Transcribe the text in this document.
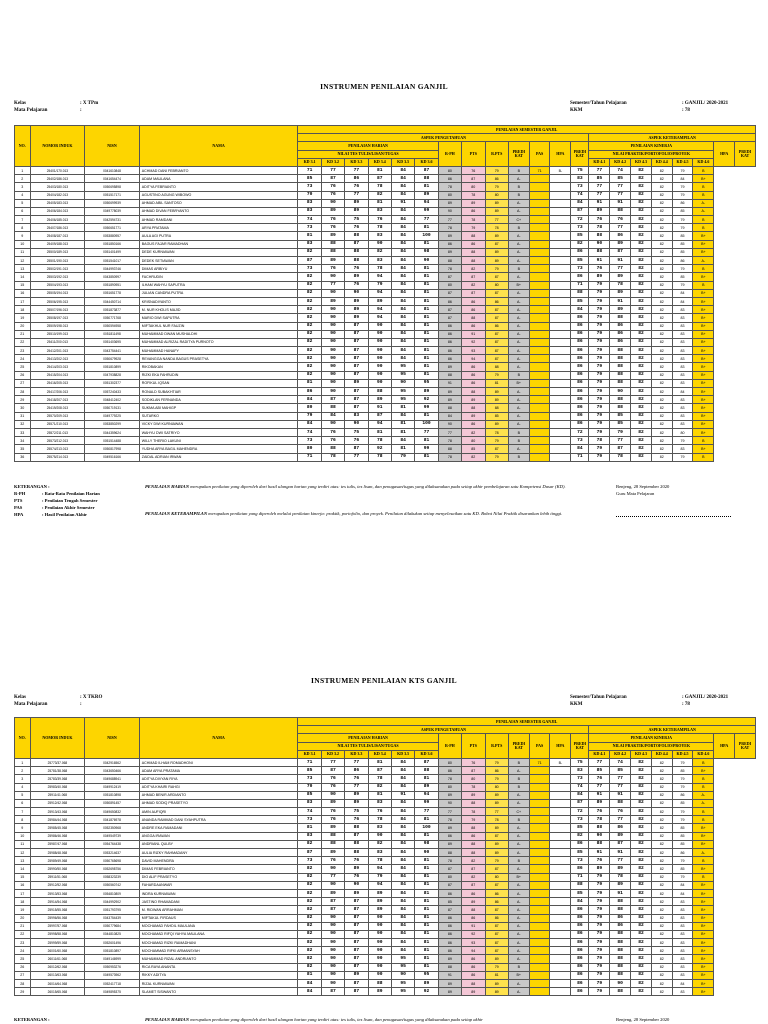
INSTRUMEN PENILAIAN GANJIL
Kelas	: X TPm
Mata Pelajaran	:
Semester/Tahun Pelajaran	: GANJIL/ 2020-2021
KKM	: 78
NO.	NOMOR INDUK	NISN	NAMA	PENILAIAN SEMESTER GANJIL																				
				ASPEK PENGETAHUAN													ASPEK KETERAMPILAN							
				PENILAIAN HARIAN						R-PH	PTS	R.PTS	PREDI KAT	PAS	HPA	PREDI KAT	PENILAIAN KINERJA						HPA	PREDI KAT
				NILAI TES TULIS/LISAN/TUGAS													NILAI PRAKTIK/PORTOFOLIO/PROYEK							
				KD 3.1	KD 3.2	KD 3.3	KD 3.4	KD 3.5	KD 3.6								KD 4.1	KD 4.2	KD 4.3	KD 4.4	KD 4.5	KD 4.6		
1	25401/170.013	0041610848	ACHMAD DANI FEBRIANTO	71	77	77	81	84	87	80	76	79	B	71	B-	75	77	74	82	82	79	B		
2	25402/186.013	0041654474	ADAM MAULANA	85	87	86	87	84	88	86	87	86	A-			83	85	85	82	82	84	B+		
3	25403/180.013	0050695898	ADITYA FEBRIANTO	73	76	76	78	84	81	78	80	79	B			73	77	77	82	82	79	B		
4	25404/182.013	0051517171	AGUSTINO AGUNG WIBOWO	70	76	77	82	84	89	80	78	80	B			74	77	77	82	82	79	B		
5	25405/183.013	0050699939	AHMAD ABIL SANTOSO	83	90	89	81	91	94	89	89	89	A-			84	91	91	82	82	86	A-		
6	25406/184.013	0049778039	AHMAD DIVAN FEBRYANTO	83	89	89	83	84	99	90	86	89	A-			87	89	88	82	82	85	A-		
7	25406/185.013	0042594731	AHMAD RAMDANI	74	76	75	76	84	77	77	78	77	C+			72	76	76	82	82	79	B		
8	25407/186.013	0050651771	ARYA PRATAMA	73	76	76	78	84	81	78	79	78	B			73	78	77	82	82	79	B		
9	25408/187.013	0053880957	AULA AGI PUTRA	81	89	88	83	84	100	89	88	89	A-			85	88	86	82	82	85	B+		
10	25409/188.013	0051850166	BAGUS FAJAR RAMADHAN	83	88	87	90	84	81	86	86	87	A-			82	90	89	82	82	85	B+		
11	25500/189.013	0051401499	DEDE KURNIAWAN	82	88	88	82	84	98	89	88	89	A-			86	88	87	82	82	85	B+		
12	25501/190.013	0051541017	DEDEK SETIAWAN	87	89	88	83	84	90	88	88	89	A-			85	91	91	82	82	86	A-		
13	25502/191.013	0044993746	DIMAS ARBIYU	73	76	76	78	84	81	78	82	79	B			73	76	77	82	82	79	B		
14	25503/192.013	0043850997	FACHRUDIN	82	90	89	94	84	81	87	87	87	A-			86	89	89	82	82	85	B+		
15	25504/193.013	0051890951	ILHAM WAHYU SAPUTRA	82	77	76	79	84	81	80	82	80	B+			71	79	78	82	82	79	B		
16	25505/194.013	0051651778	JULIAN CANDRA PUTRA	82	90	90	94	84	81	87	87	87	A-			88	79	89	82	82	84	B+		
17	25506/195.013	0044450714	KRISNADIYANTO	82	89	89	89	84	81	86	86	86	A-			85	79	91	82	82	84	B+		
18	25507/196.013	0051873877	M. NUR KHOLIS MAJID	82	90	89	94	84	81	87	86	87	A-			84	79	89	82	82	83	B+		
19	25508/197.013	0050771768	MARIO DWI SAPUTRA	82	90	89	94	84	81	87	88	87	A-			86	79	88	82	82	83	B+		
20	25509/198.013	0050594958	MIFTAKHUL NUR FAUZIN	82	90	87	90	84	81	86	86	86	A-			86	79	86	82	82	83	B+		
21	25510/199.013	0051811498	MUHAMMAD DWAN MUSHALDHI	82	90	87	90	84	81	86	91	87	A-			86	79	86	82	82	83	B+		
22	25411/200.013	0051403695	MUHAMMAD ALRIZAL RADITYA PURNOTO	82	90	87	90	84	81	86	92	87	A-			86	79	86	82	82	83	B+		
23	25412/201.013	0043754441	MUHAMMAD HANAFY	82	90	87	90	84	81	86	93	87	A-			86	79	88	82	82	83	B+		
24	25413/202.013	0050679928	REVANGGA NANDA BAGUS PRASETYA	82	90	87	90	84	81	86	94	87	A-			86	79	88	82	82	83	B+		
25	25414/203.013	0051810899	RIKOBAKAN	82	90	87	90	95	81	89	86	88	A-			86	79	88	82	82	83	B+		
26	25415/204.013	0047938828	RIZKI EKA FAHRUDIN	82	90	87	90	95	81	88	86	79	B			86	79	88	82	82	83	B+		
27	25416/205.013	0051302377	ROFIKUL IQSAN	81	90	89	90	90	95	91	86	81	B+			86	79	88	82	82	83	B+		
28	25417/206.013	0057240433	RONALD SUBAKHTIAR	86	90	87	88	95	89	89	88	89	A-			86	79	90	82	82	84	B+		
29	25418/207.013	0048412402	SODIKLAN FERNANDA	84	87	87	89	95	92	89	89	89	A-			86	79	88	82	82	83	B+		
30	25419/208.013	0050719131	SUKMA ABI MAHIGP	80	88	87	91	81	99	88	88	88	A-			86	79	88	82	82	83	B+		
31	25570/209.013	0049779225	SUTARKO	79	84	83	87	84	81	84	89	85	A-			86	79	85	82	82	83	B+		
32	25571/210.013	0053850299	VICKY DWI KURNIAWAN	84	90	90	94	81	100	90	86	89	A-			86	79	85	82	82	83	B+		
33	25572/211.013	0044359624	WAHYU DWI SATRIYO	74	76	75	81	81	77	77	82	78	B			72	79	79	82	82	80	B+		
34	25573/212.013	0051514488	WILLY THERIO LAKUNI	73	76	76	78	84	81	78	80	79	B			73	78	77	82	82	79	B		
35	25574/213.013	0050817998	YUDHA ARYA BAGIL MAHENDRA	80	88	87	92	81	99	88	85	87	A-			84	79	87	82	82	83	B+		
36	25575/214.013	0049516166	ZAIDAL ADRIAN IRWAN	71	78	77	78	79	81	78	82	79	B			71	79	78	82	82	79	B		
KETERANGAN :
R-PH	: Rata-Rata Penilaian Harian
PTS	: Penilaian Tengah Semester
PAS	: Penilaian Akhir Semester
HPA	: Hasil Penilaian Akhir
PENILAIAN HARIAN merupakan penilaian yang diperoleh dari hasil ulangan harian yang terdiri atas: tes tulis, tes lisan, dan penugasan/tugas yang dilaksanakan pada setiap akhir pembelajaran satu Kompetensi Dasar (KD).
PENILAIAN KETERAMPILAN merupakan penilaian yang diperoleh melalui penilaian kinerja: praktik, portofolio, dan proyek. Penilaian dilakukan setiap menyelesaikan satu KD. Bobot Nilai Praktik disarankan lebih tinggi.
Benjeng, 28 September 2020
Guru Mata Pelajaran
INSTRUMEN PENILAIAN KTS GANJIL
Kelas	: X TKRO
Mata Pelajaran	:
Semester/Tahun Pelajaran	: GANJIL/ 2020-2021
KKM	: 78
NO.	NOMOR INDUK	NISN	NAMA	PENILAIAN SEMESTER GANJIL																				
				ASPEK PENGETAHUAN													ASPEK KETERAMPILAN							
				PENILAIAN HARIAN						R-PH	PTS	R.PTS	PREDI KAT	PAS	HPA	PREDI KAT	PENILAIAN KINERJA						HPA	PREDI KAT
				NILAI TES TULIS/LISAN/TUGAS													NILAI PRAKTIK/PORTOFOLIO/PROYEK							
				KD 3.1	KD 3.2	KD 3.3	KD 3.4	KD 3.5	KD 3.6								KD 4.1	KD 4.2	KD 4.3	KD 4.4	KD 4.5	KD 4.6		
1	25773/37.068	0042916562	ACHMAD ILHAM ROMADHONI	71	77	77	81	84	87	80	76	79	B	71	B-	75	77	74	82	82	79	B		
2	25781/38.068	0043650466	ADAM ARYA PRATAMA	85	87	86	87	84	88	86	87	86	A-			83	85	85	82	82	85	B+		
3	25783/39.068	0049688941	ADITYA DIVYAN RIYA	73	76	76	78	84	81	78	80	79	B			73	76	77	82	82	79	B		
4	25983/40.068	0049912419	ADITYA KHAIRI RAHGI	70	76	77	82	84	89	80	78	80	B			74	77	77	82	82	79	B		
5	25911/41.068	0051810898	AHMAD BENIR ARDIANTO	85	90	89	81	91	94	89	89	89	A-			84	91	91	82	82	86	A-		
6	25912/42.068	0050891457	AHMAD SODIQ PRASETYO	83	89	89	83	84	99	90	88	89	A-			87	89	88	82	82	85	A-		
7	25913/43.068	0049650832	AMIN AUFIQRI	74	76	75	76	84	77	77	78	77	C+			72	76	76	82	82	79	B		
8	25984/44.068	0041876978	ANANDA RAMMAD DANI SYAHPUTRA	73	76	76	78	84	81	78	79	78	B			73	78	77	82	82	79	B		
9	25985/45.068	0052350968	ANDRE EKA RAMADANI	81	89	88	83	84	100	89	88	89	A-			85	88	86	82	82	85	B+		
10	25986/46.068	0049549739	ANGGA IRAWAN	83	88	87	90	84	81	86	86	87	A-			82	90	89	82	82	85	B+		
11	25987/47.068	0054764438	ANDRIANL QULBY	82	88	88	82	84	98	89	88	89	A-			86	88	87	82	82	85	B+		
12	25988/48.068	0053214637	AULIA RIZKY RAHMADANY	87	89	88	83	84	90	88	88	89	A-			85	91	91	82	82	86	A-		
13	25989/49.068	0050765698	DAVID MAHENDRA	73	76	76	78	84	81	78	82	79	B			73	76	77	82	82	79	B		
14	25990/50.068	0052698756	DIMAS FEBRIANTO	82	90	89	94	84	81	87	87	87	A-			86	89	89	82	82	85	B+		
15	25911/51.068	0058323239	DIO ALIF PRASETYO	82	77	76	79	84	81	80	82	80	B+			71	79	78	82	82	79	B		
16	25912/52.068	0050560742	FAHARDAANWAR	82	90	90	94	84	81	87	87	87	A-			88	79	89	82	82	84	B+		
17	25913/53.068	0054810809	INDRA KURNIAWAN	82	89	89	89	84	81	86	86	86	A-			85	79	91	82	82	84	B+		
18	25914/54.068	0044992902	JASTINO RHAMADANI	82	87	87	89	84	81	85	89	86	A-			84	79	88	82	82	83	B+		
19	25915/55.068	0051793795	M. RIDWAN ARRAHMAN	82	87	87	89	84	81	87	88	87	A-			86	79	88	82	82	83	B+		
20	25996/56.068	0043754439	MIFTAKUL FIRDAUS	82	90	87	90	84	81	86	86	86	A-			86	79	86	82	82	83	B+		
21	25997/57.068	0050779684	MOCHAMAD FAHDIL MAULANA	82	90	87	90	84	81	86	91	87	A-			86	79	86	82	82	83	B+		
22	25998/58.068	0044810825	MOCHAMAD RIFQI YAHYA MAULANA	82	90	87	90	84	81	86	92	87	A-			86	79	88	82	82	83	B+		
23	25999/59.068	0052601496	MOCHAMAD RIZKI RAMADHANI	82	90	87	90	84	81	86	93	87	A-			86	79	88	82	82	83	B+		
24	26001/60.068	0051810897	MOCHAMMAD RIFKI ARMANSYAH	82	90	87	90	84	81	86	94	87	A-			86	79	88	82	82	83	B+		
25	26011/61.068	0049146999	MUHAMMAD RIZAL ANDRIANTO	82	90	87	90	95	81	89	86	89	A-			86	79	88	82	82	83	B+		
26	26012/62.068	0050953276	RICA RAYA ANANTA	82	90	87	90	95	81	88	86	79	B			86	79	88	82	82	83	B+		
27	26013/63.068	0049573962	RIKKY ADITYA	81	90	89	90	90	95	91	86	81	B+			86	79	88	82	82	83	B+		
28	26014/64.068	0052417718	RIZAL KURNIAWAN	84	90	87	88	95	89	89	88	89	A-			86	79	90	82	82	84	B+		
29	26015/65.068	0049895375	SLAMET SISWANTO	84	87	87	89	95	92	89	89	89	A-			86	79	88	82	82	83	B+		
KETERANGAN :	PENILAIAN HARIAN merupakan penilaian yang diperoleh dari hasil ulangan harian yang terdiri atas: tes tulis, tes lisan, dan penugasan/tugas yang dilaksanakan pada setiap akhir	Benjeng, 28 September 2020
